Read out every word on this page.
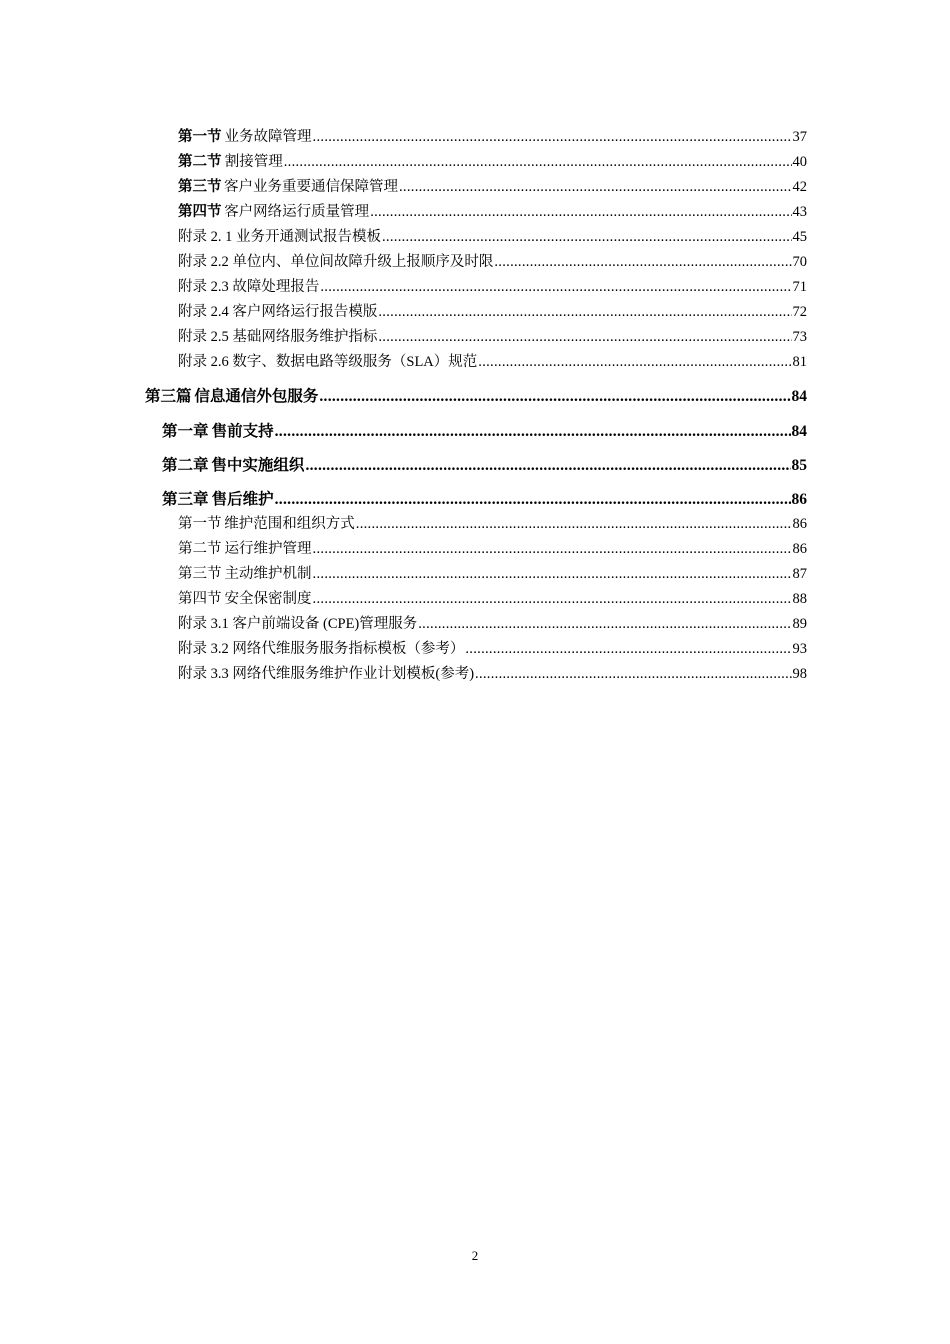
第一节 业务故障管理 .....	37
第二节 割接管理 .....	40
第三节 客户业务重要通信保障管理 .....	42
第四节 客户网络运行质量管理 .....	43
附录 2. 1 业务开通测试报告模板 .....	45
附录 2.2 单位内、单位间故障升级上报顺序及时限 .....	70
附录 2.3 故障处理报告 .....	71
附录 2.4 客户网络运行报告模版 .....	72
附录 2.5 基础网络服务维护指标 .....	73
附录 2.6 数字、数据电路等级服务（SLA）规范 .....	81
第三篇 信息通信外包服务 .....	84
第一章 售前支持 .....	84
第二章 售中实施组织 .....	85
第三章 售后维护 .....	86
第一节 维护范围和组织方式 .....	86
第二节 运行维护管理 .....	86
第三节 主动维护机制 .....	87
第四节 安全保密制度 .....	88
附录 3.1 客户前端设备 (CPE)管理服务 .....	89
附录 3.2 网络代维服务服务指标模板（参考） .....	93
附录 3.3 网络代维服务维护作业计划模板(参考) .....	98
2
